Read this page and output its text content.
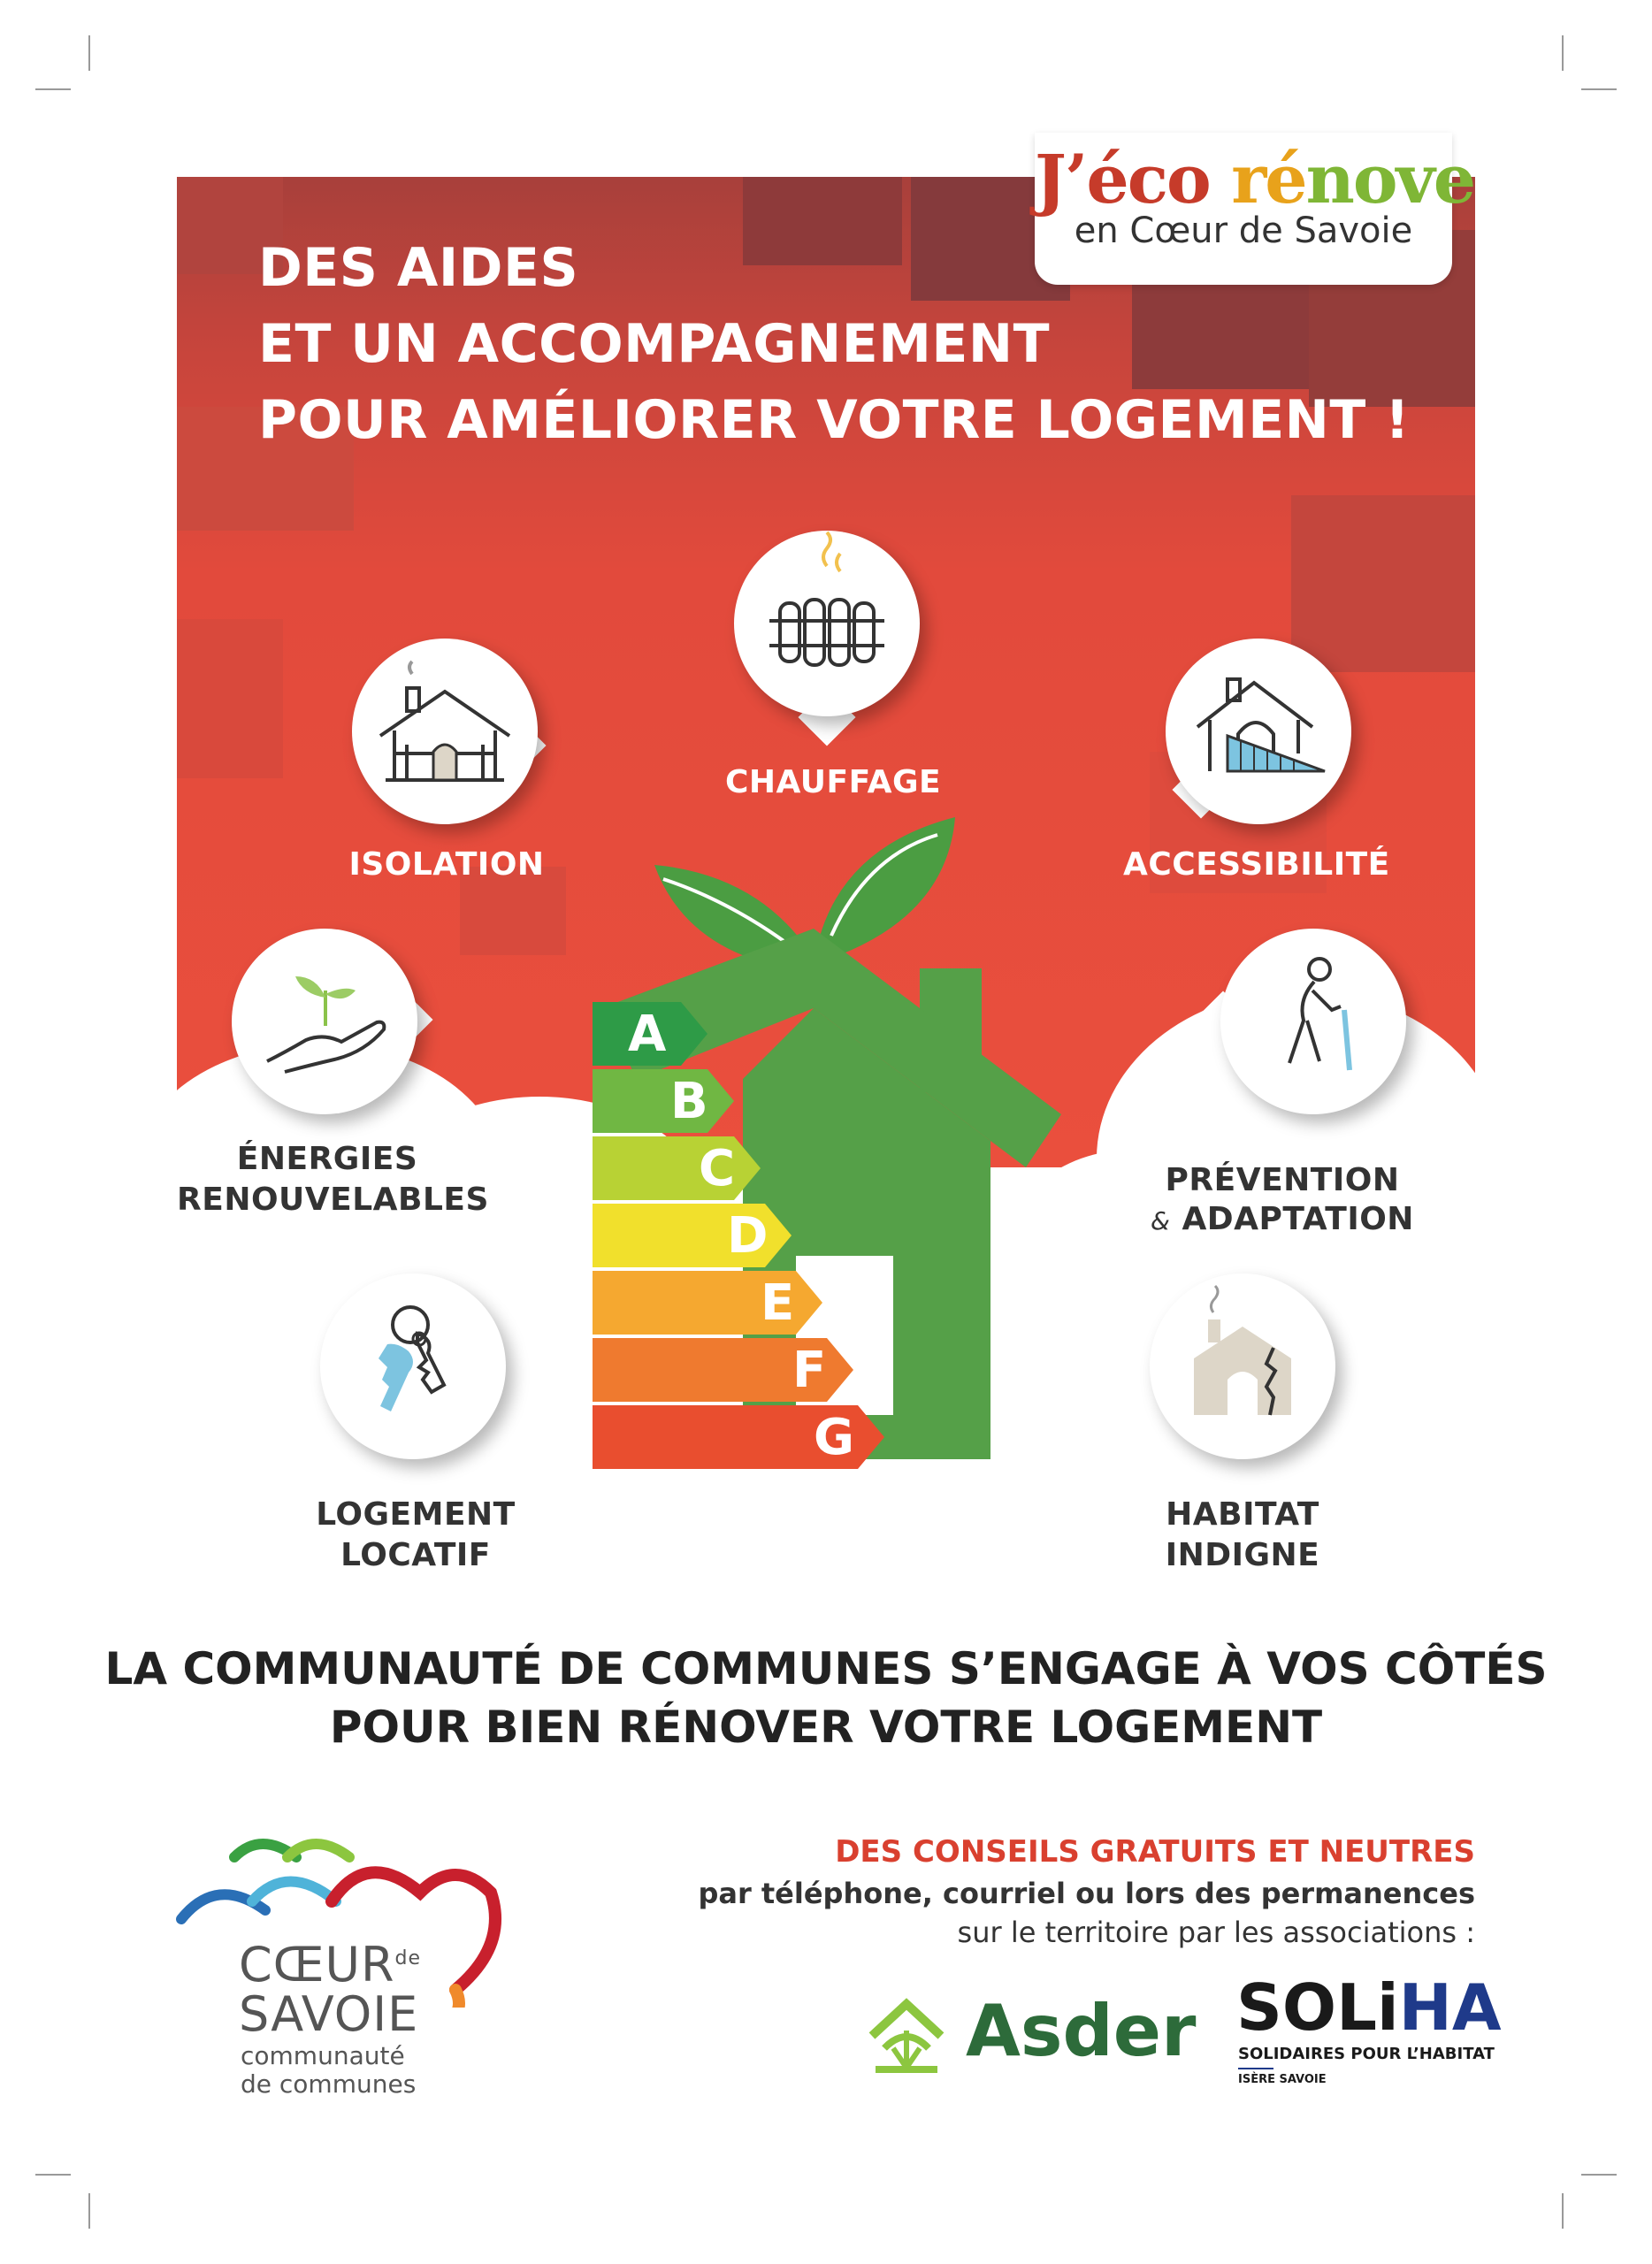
DES AIDES
ET UN ACCOMPAGNEMENT
POUR AMÉLIORER VOTRE LOGEMENT !
J’éco rénove
en Cœur de Savoie
CHAUFFAGE
ISOLATION	ACCESSIBILITÉ
ÉNERGIES
RENOUVELABLES
PRÉVENTION
& ADAPTATION
LOGEMENT
LOCATIF
HABITAT
INDIGNE
A
B
C
D
E
F
G
LA COMMUNAUTÉ DE COMMUNES S’ENGAGE À VOS CÔTÉS
POUR BIEN RÉNOVER VOTRE LOGEMENT
$CŒUR^{de}$
SAVOIE
communauté
de communes
DES CONSEILS GRATUITS ET NEUTRES
par téléphone, courriel ou lors des permanences
sur le territoire par les associations :
Asder SOLiHA
SOLIDAIRES POUR L’HABITAT
ISÈRE SAVOIE
